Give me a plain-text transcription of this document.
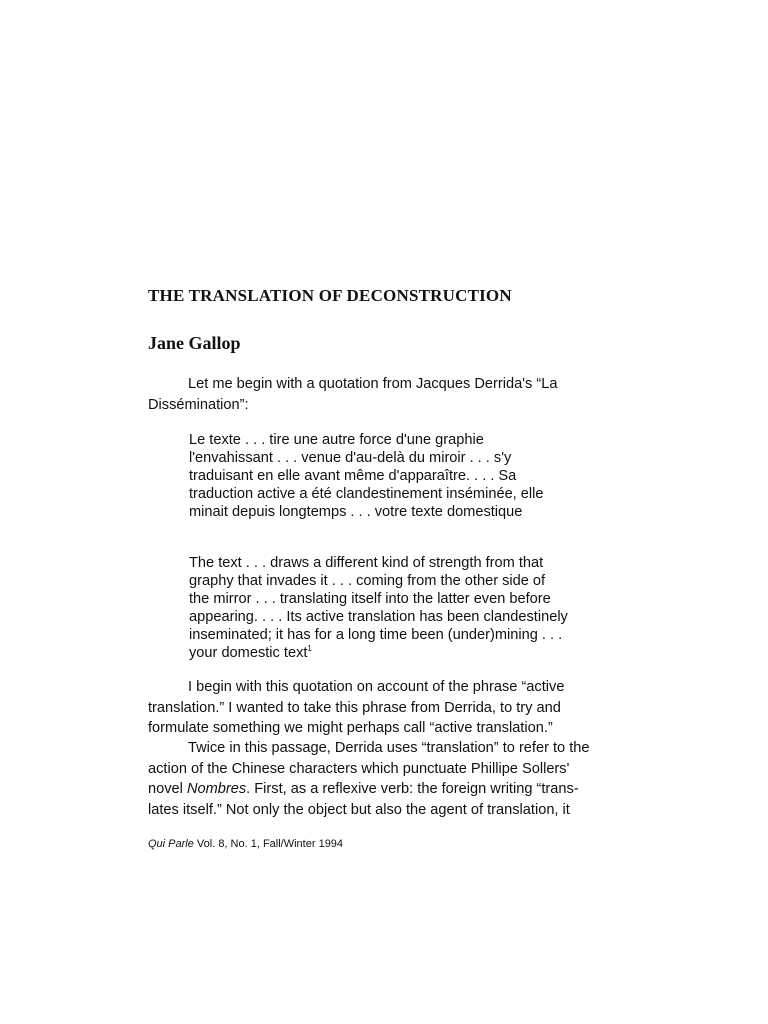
THE TRANSLATION OF DECONSTRUCTION
Jane Gallop

Let me begin with a quotation from Jacques Derrida's “La
Dissémination”:

Le texte . . . tire une autre force d'une graphie
l'envahissant . . . venue d'au-delà du miroir . . . s'y
traduisant en elle avant même d'apparaître. . . . Sa
traduction active a été clandestinement inséminée, elle
minait depuis longtemps . . . votre texte domestique
The text . . . draws a different kind of strength from that
graphy that invades it . . . coming from the other side of
the mirror . . . translating itself into the latter even before
appearing. . . . Its active translation has been clandestinely
inseminated; it has for a long time been (under)mining . . .
your domestic text$^1$

I begin with this quotation on account of the phrase “active
translation.” I wanted to take this phrase from Derrida, to try and
formulate something we might perhaps call “active translation.”

Twice in this passage, Derrida uses “translation” to refer to the
action of the Chinese characters which punctuate Phillipe Sollers'
novel Nombres. First, as a reflexive verb: the foreign writing “trans-
lates itself.” Not only the object but also the agent of translation, it

Qui Parle Vol. 8, No. 1, Fall/Winter 1994
